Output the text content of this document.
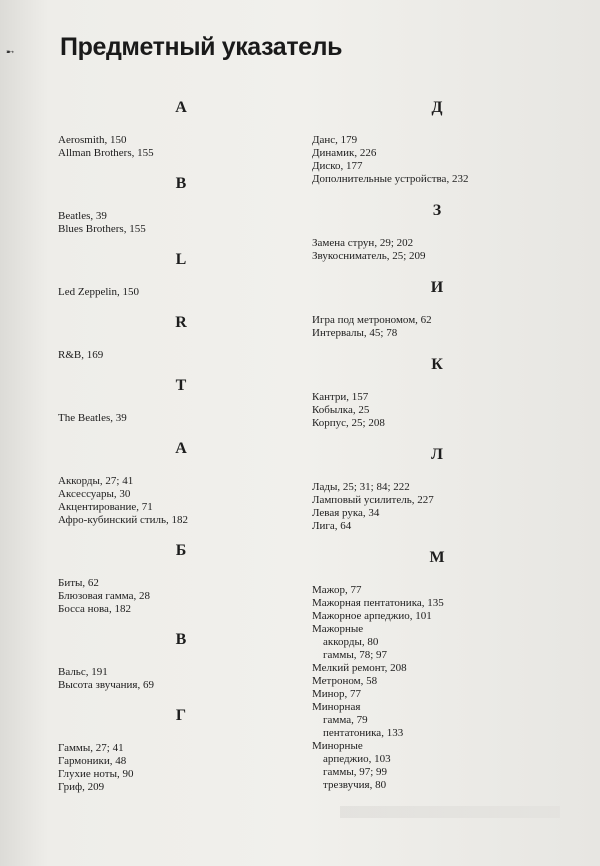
➸ Предметный указатель
A
Aerosmith, 150
Allman Brothers, 155
B
Beatles, 39
Blues Brothers, 155
L
Led Zeppelin, 150
R
R&B, 169
T
The Beatles, 39
А
Аккорды, 27; 41
Аксессуары, 30
Акцентирование, 71
Афро-кубинский стиль, 182
Б
Биты, 62
Блюзовая гамма, 28
Босса нова, 182
В
Вальс, 191
Высота звучания, 69
Г
Гаммы, 27; 41
Гармоники, 48
Глухие ноты, 90
Гриф, 209
Д
Данс, 179
Динамик, 226
Диско, 177
Дополнительные устройства, 232
З
Замена струн, 29; 202
Звукосниматель, 25; 209
И
Игра под метрономом, 62
Интервалы, 45; 78
К
Кантри, 157
Кобылка, 25
Корпус, 25; 208
Л
Лады, 25; 31; 84; 222
Ламповый усилитель, 227
Левая рука, 34
Лига, 64
М
Мажор, 77
Мажорная пентатоника, 135
Мажорное арпеджио, 101
Мажорные
аккорды, 80
гаммы, 78; 97
Мелкий ремонт, 208
Метроном, 58
Минор, 77
Минорная
гамма, 79
пентатоника, 133
Минорные
арпеджио, 103
гаммы, 97; 99
трезвучия, 80
